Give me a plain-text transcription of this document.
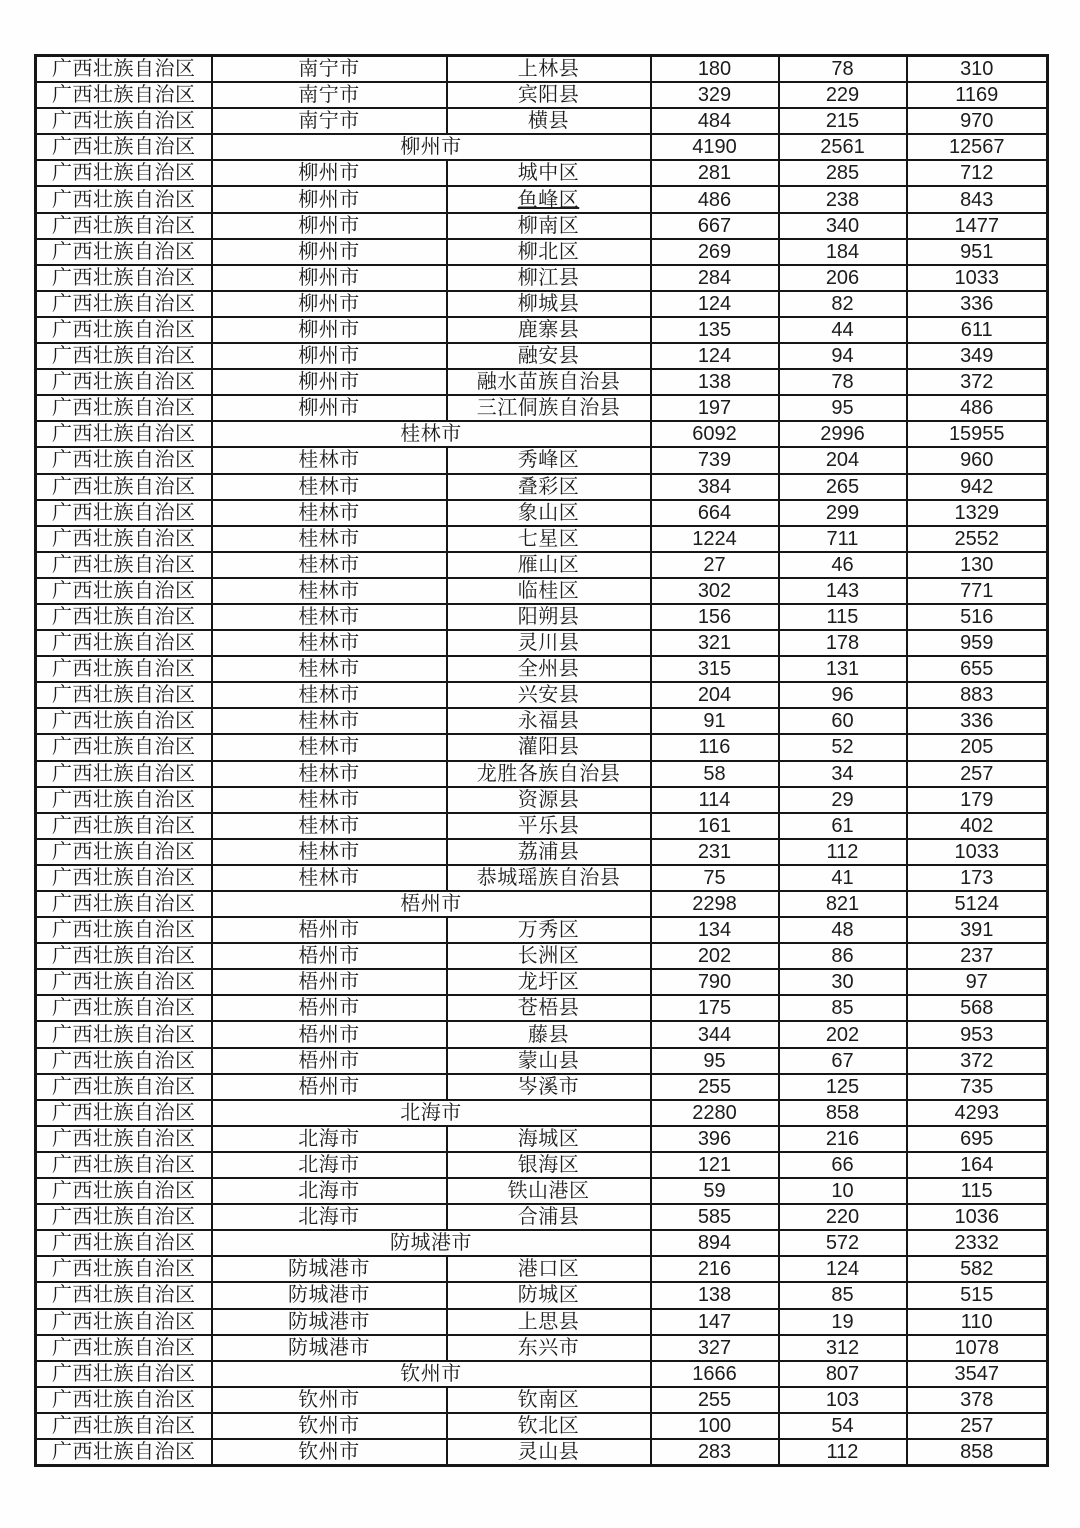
广西壮族自治区	南宁市	上林县	180	78	310
广西壮族自治区	南宁市	宾阳县	329	229	1169
广西壮族自治区	南宁市	横县	484	215	970
广西壮族自治区	柳州市		4190	2561	12567
广西壮族自治区	柳州市	城中区	281	285	712
广西壮族自治区	柳州市	鱼峰区	486	238	843
广西壮族自治区	柳州市	柳南区	667	340	1477
广西壮族自治区	柳州市	柳北区	269	184	951
广西壮族自治区	柳州市	柳江县	284	206	1033
广西壮族自治区	柳州市	柳城县	124	82	336
广西壮族自治区	柳州市	鹿寨县	135	44	611
广西壮族自治区	柳州市	融安县	124	94	349
广西壮族自治区	柳州市	融水苗族自治县	138	78	372
广西壮族自治区	柳州市	三江侗族自治县	197	95	486
广西壮族自治区	桂林市		6092	2996	15955
广西壮族自治区	桂林市	秀峰区	739	204	960
广西壮族自治区	桂林市	叠彩区	384	265	942
广西壮族自治区	桂林市	象山区	664	299	1329
广西壮族自治区	桂林市	七星区	1224	711	2552
广西壮族自治区	桂林市	雁山区	27	46	130
广西壮族自治区	桂林市	临桂区	302	143	771
广西壮族自治区	桂林市	阳朔县	156	115	516
广西壮族自治区	桂林市	灵川县	321	178	959
广西壮族自治区	桂林市	全州县	315	131	655
广西壮族自治区	桂林市	兴安县	204	96	883
广西壮族自治区	桂林市	永福县	91	60	336
广西壮族自治区	桂林市	灌阳县	116	52	205
广西壮族自治区	桂林市	龙胜各族自治县	58	34	257
广西壮族自治区	桂林市	资源县	114	29	179
广西壮族自治区	桂林市	平乐县	161	61	402
广西壮族自治区	桂林市	荔浦县	231	112	1033
广西壮族自治区	桂林市	恭城瑶族自治县	75	41	173
广西壮族自治区	梧州市		2298	821	5124
广西壮族自治区	梧州市	万秀区	134	48	391
广西壮族自治区	梧州市	长洲区	202	86	237
广西壮族自治区	梧州市	龙圩区	790	30	97
广西壮族自治区	梧州市	苍梧县	175	85	568
广西壮族自治区	梧州市	藤县	344	202	953
广西壮族自治区	梧州市	蒙山县	95	67	372
广西壮族自治区	梧州市	岑溪市	255	125	735
广西壮族自治区	北海市		2280	858	4293
广西壮族自治区	北海市	海城区	396	216	695
广西壮族自治区	北海市	银海区	121	66	164
广西壮族自治区	北海市	铁山港区	59	10	115
广西壮族自治区	北海市	合浦县	585	220	1036
广西壮族自治区	防城港市		894	572	2332
广西壮族自治区	防城港市	港口区	216	124	582
广西壮族自治区	防城港市	防城区	138	85	515
广西壮族自治区	防城港市	上思县	147	19	110
广西壮族自治区	防城港市	东兴市	327	312	1078
广西壮族自治区	钦州市		1666	807	3547
广西壮族自治区	钦州市	钦南区	255	103	378
广西壮族自治区	钦州市	钦北区	100	54	257
广西壮族自治区	钦州市	灵山县	283	112	858
